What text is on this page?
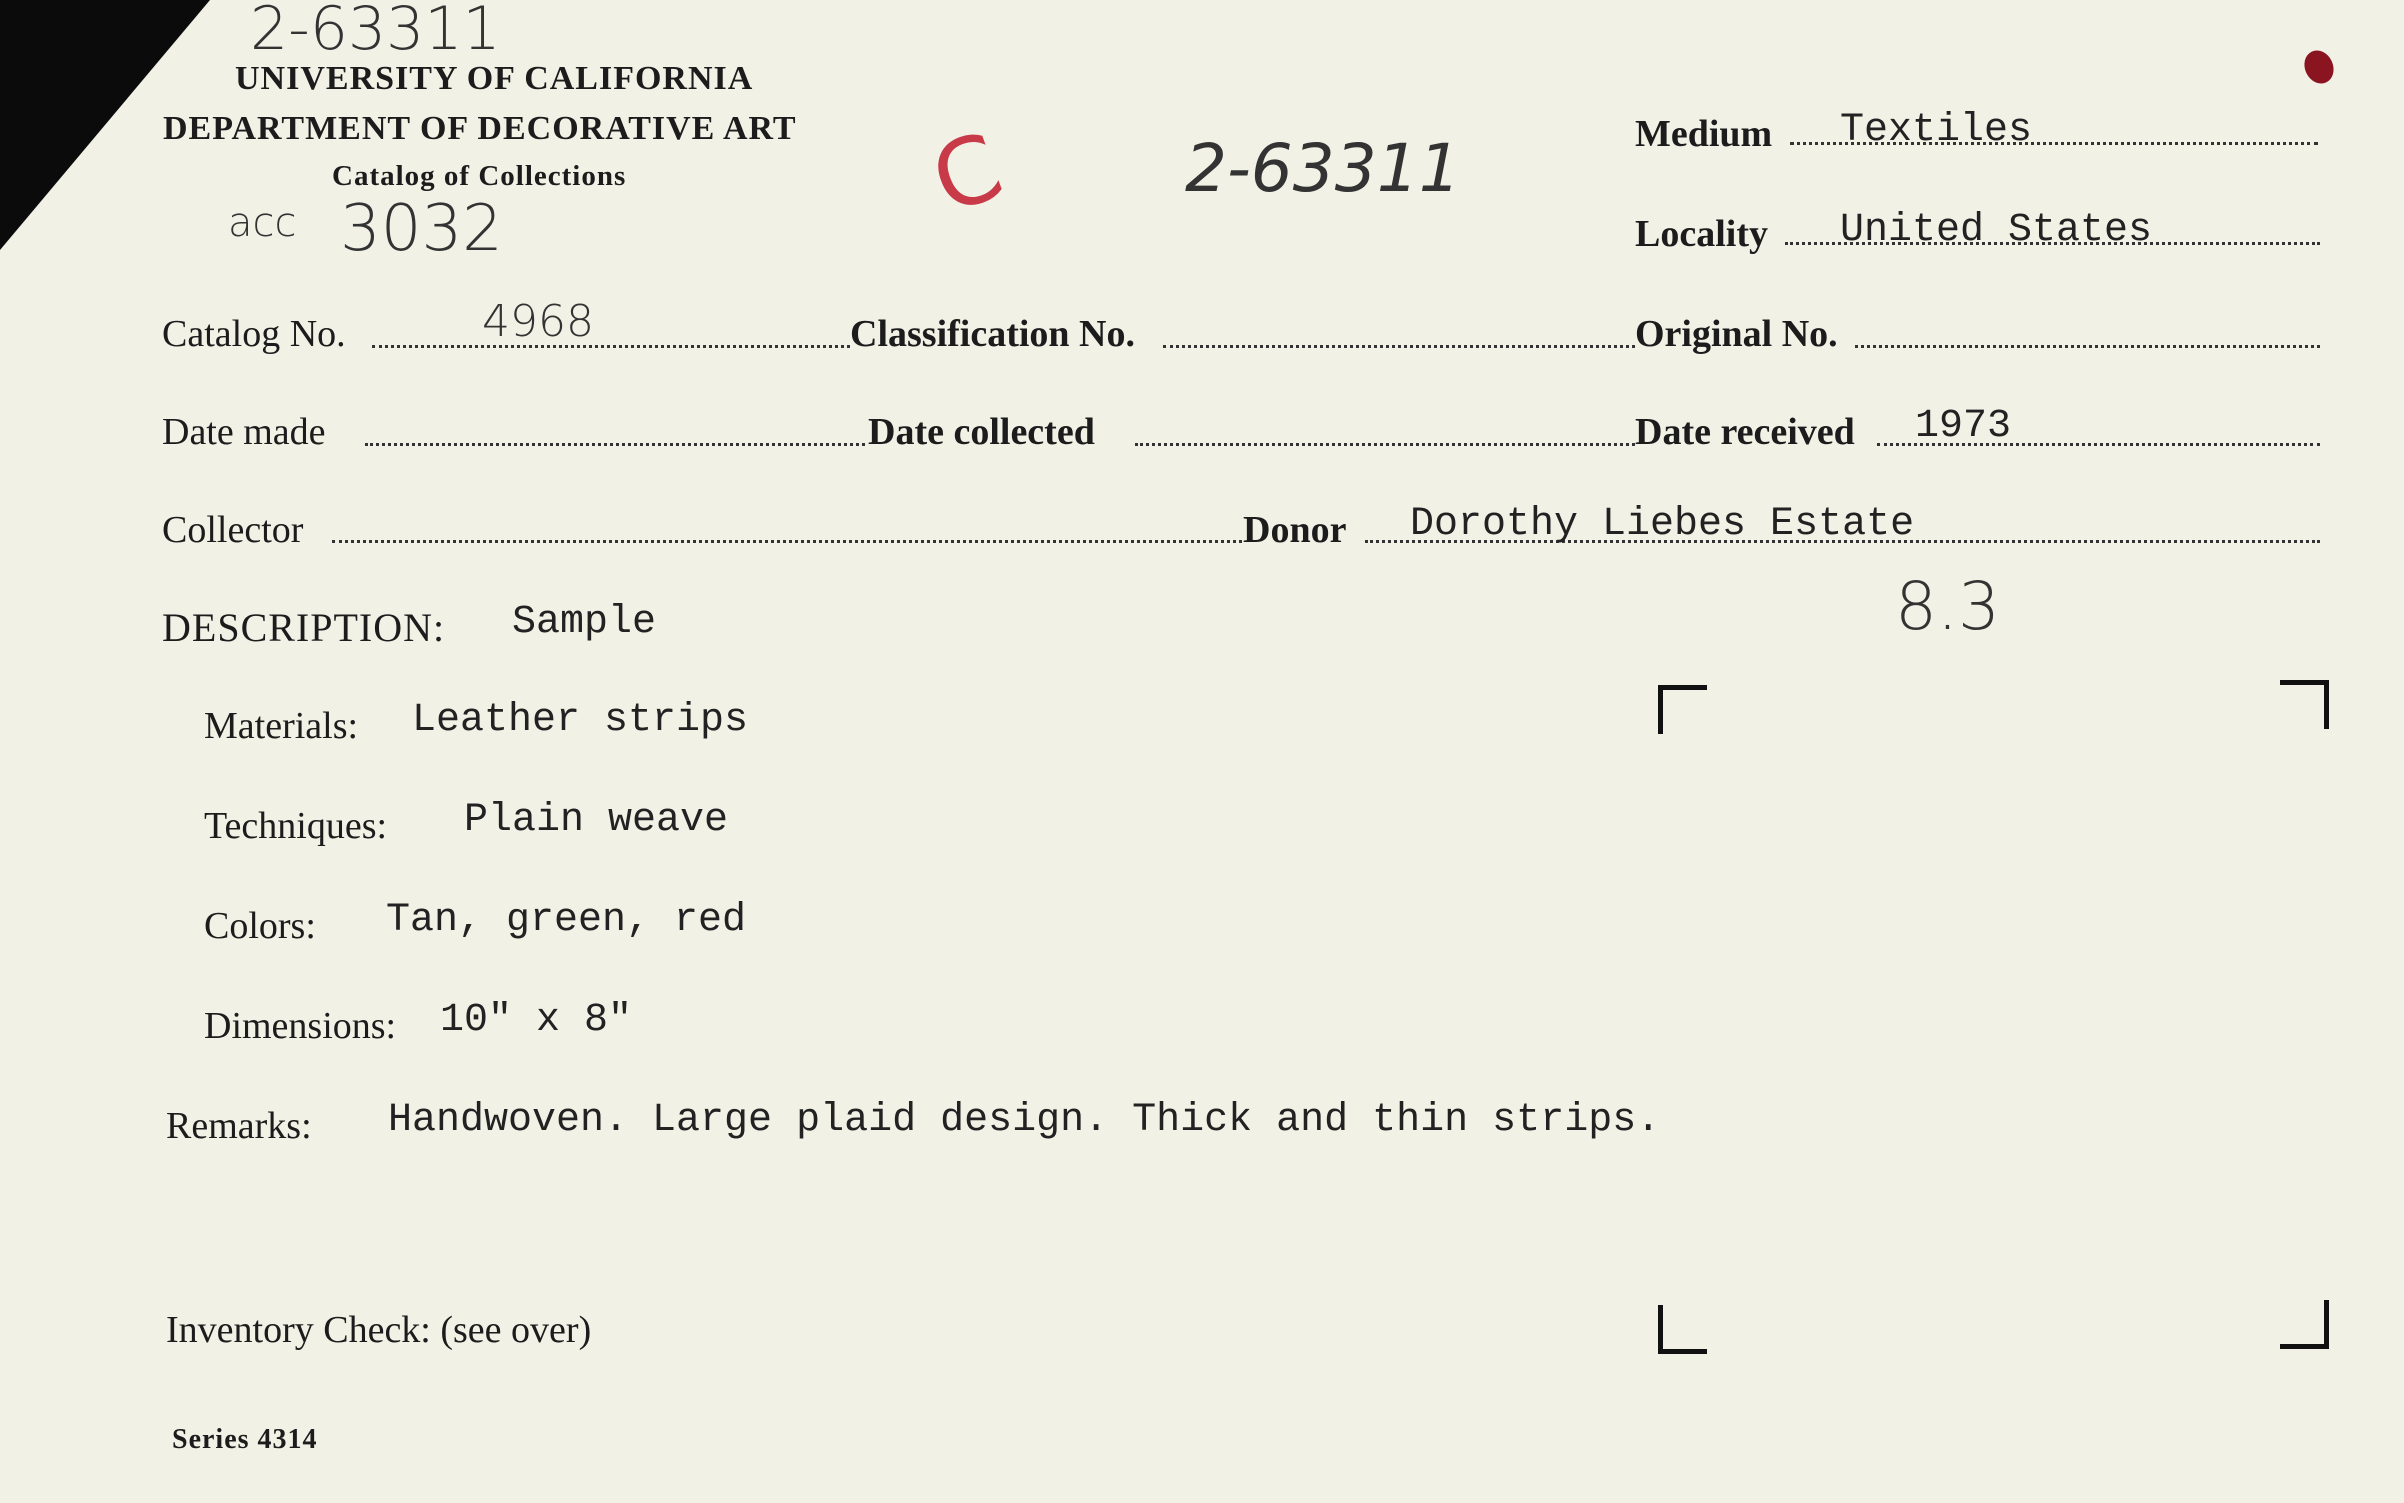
2-63311
UNIVERSITY OF CALIFORNIA
DEPARTMENT OF DECORATIVE ART
Catalog of Collections
acc 3032	C	2-63311	Medium Textiles
Locality United States
Catalog No.	4968	Classification No.	Original No.
Date made	Date collected	Date received 1973
Collector	Donor Dorothy Liebes Estate
8.3
DESCRIPTION: Sample
Materials: Leather strips
Techniques: Plain weave
Colors: Tan, green, red
Dimensions: 10" x 8"
Remarks: Handwoven. Large plaid design. Thick and thin strips.
Inventory Check: (see over)
Series 4314
